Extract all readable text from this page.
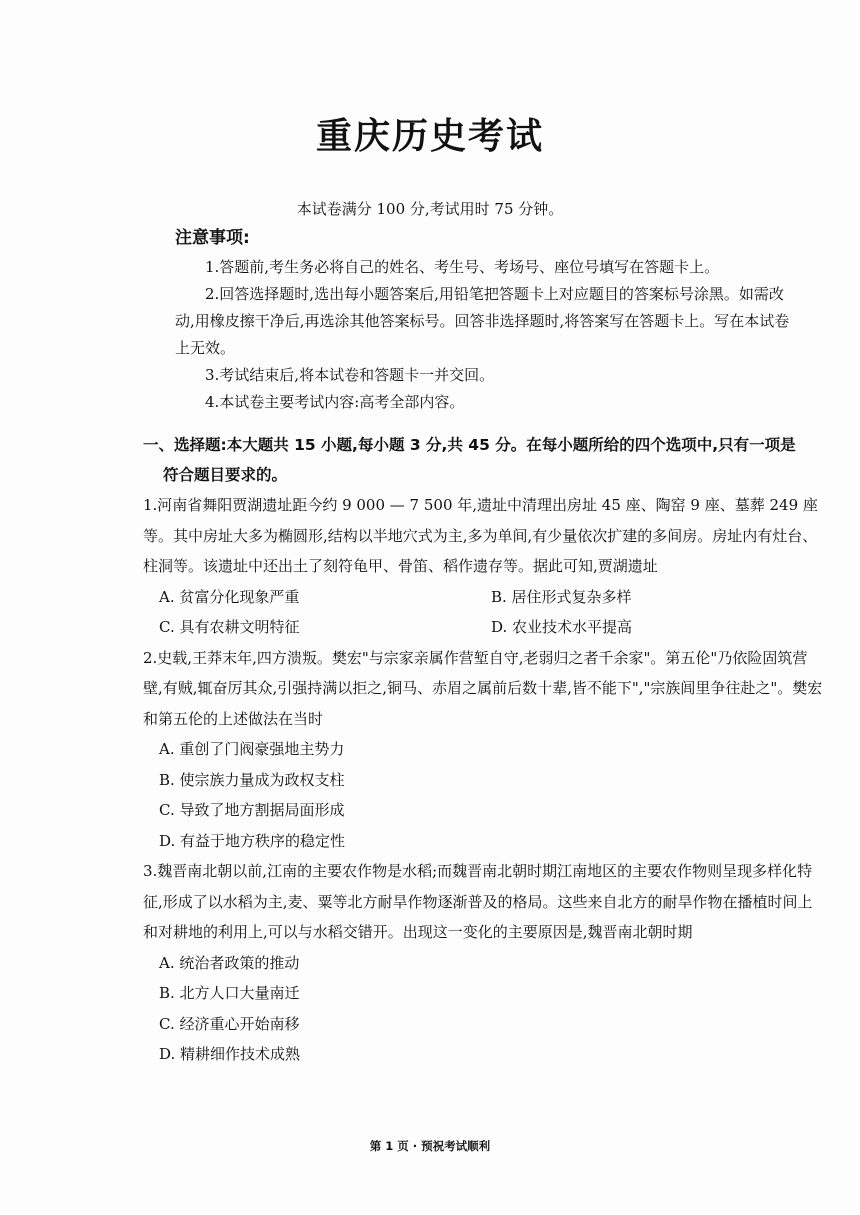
重庆历史考试
本试卷满分 100 分,考试用时 75 分钟。
注意事项:
1.答题前,考生务必将自己的姓名、考生号、考场号、座位号填写在答题卡上。
2.回答选择题时,选出每小题答案后,用铅笔把答题卡上对应题目的答案标号涂黑。如需改动,用橡皮擦干净后,再选涂其他答案标号。回答非选择题时,将答案写在答题卡上。写在本试卷上无效。
3.考试结束后,将本试卷和答题卡一并交回。
4.本试卷主要考试内容:高考全部内容。
一、选择题:本大题共 15 小题,每小题 3 分,共 45 分。在每小题所给的四个选项中,只有一项是
符合题目要求的。

1.河南省舞阳贾湖遗址距今约 9 000 — 7 500 年,遗址中清理出房址 45 座、陶窑 9 座、墓葬 249 座等。其中房址大多为椭圆形,结构以半地穴式为主,多为单间,有少量依次扩建的多间房。房址内有灶台、柱洞等。该遗址中还出土了刻符龟甲、骨笛、稻作遗存等。据此可知,贾湖遗址

A. 贫富分化现象严重	B. 居住形式复杂多样
C. 具有农耕文明特征	D. 农业技术水平提高

2.史载,王莽末年,四方溃叛。樊宏"与宗家亲属作营堑自守,老弱归之者千余家"。第五伦"乃依险固筑营壁,有贼,辄奋厉其众,引强持满以拒之,铜马、赤眉之属前后数十辈,皆不能下","宗族闾里争往赴之"。樊宏和第五伦的上述做法在当时

A. 重创了门阀豪强地主势力
B. 使宗族力量成为政权支柱
C. 导致了地方割据局面形成
D. 有益于地方秩序的稳定性

3.魏晋南北朝以前,江南的主要农作物是水稻;而魏晋南北朝时期江南地区的主要农作物则呈现多样化特征,形成了以水稻为主,麦、粟等北方耐旱作物逐渐普及的格局。这些来自北方的耐旱作物在播植时间上和对耕地的利用上,可以与水稻交错开。出现这一变化的主要原因是,魏晋南北朝时期

A. 统治者政策的推动
B. 北方人口大量南迁
C. 经济重心开始南移
D. 精耕细作技术成熟
第 1 页 · 预祝考试顺利
